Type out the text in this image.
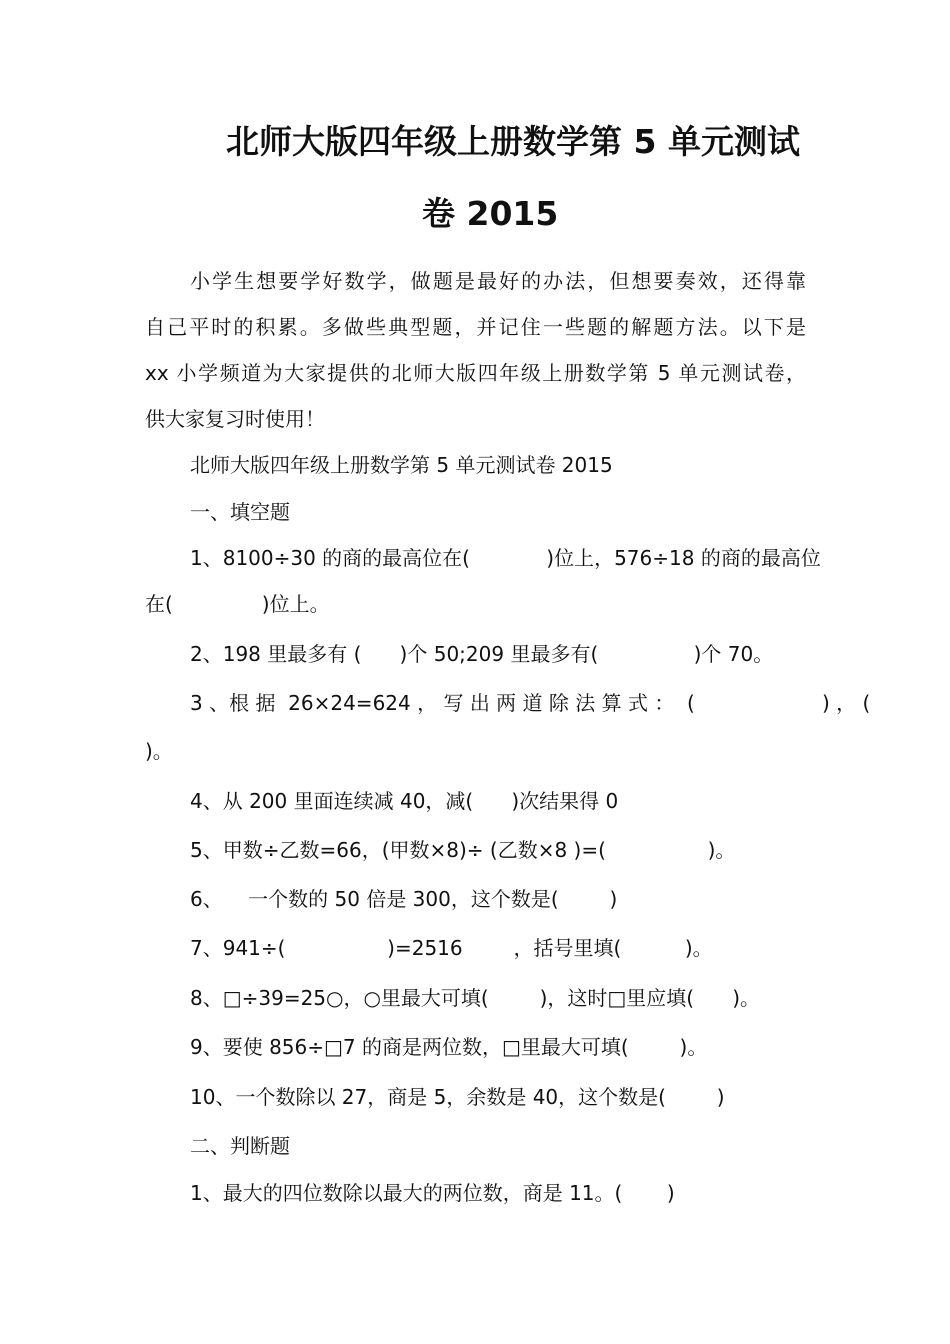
北师大版四年级上册数学第 5 单元测试
卷 2015
小学生想要学好数学，做题是最好的办法，但想要奏效，还得靠
自己平时的积累。多做些典型题，并记住一些题的解题方法。以下是
xx 小学频道为大家提供的北师大版四年级上册数学第 5 单元测试卷，
供大家复习时使用！
北师大版四年级上册数学第 5 单元测试卷 2015
一、填空题
1、8100÷30 的商的最高位在(            )位上，576÷18 的商的最高位
在(              )位上。
2、198 里最多有 (      )个 50;209 里最多有(               )个 70。
3 、根 据  26×24=624 ， 写 出 两 道 除 法 算 式 ：  (                    ) ， (
)。
4、从 200 里面连续减 40，减(      )次结果得 0
5、甲数÷乙数=66，(甲数×8)÷ (乙数×8 )=(                )。
6、    一个数的 50 倍是 300，这个数是(        )
7、941÷(                )=2516        ，括号里填(          )。
8、□÷39=25○，○里最大可填(        )，这时□里应填(      )。
9、要使 856÷□7 的商是两位数，□里最大可填(        )。
10、一个数除以 27，商是 5，余数是 40，这个数是(        )
二、判断题
1、最大的四位数除以最大的两位数，商是 11。(       )
